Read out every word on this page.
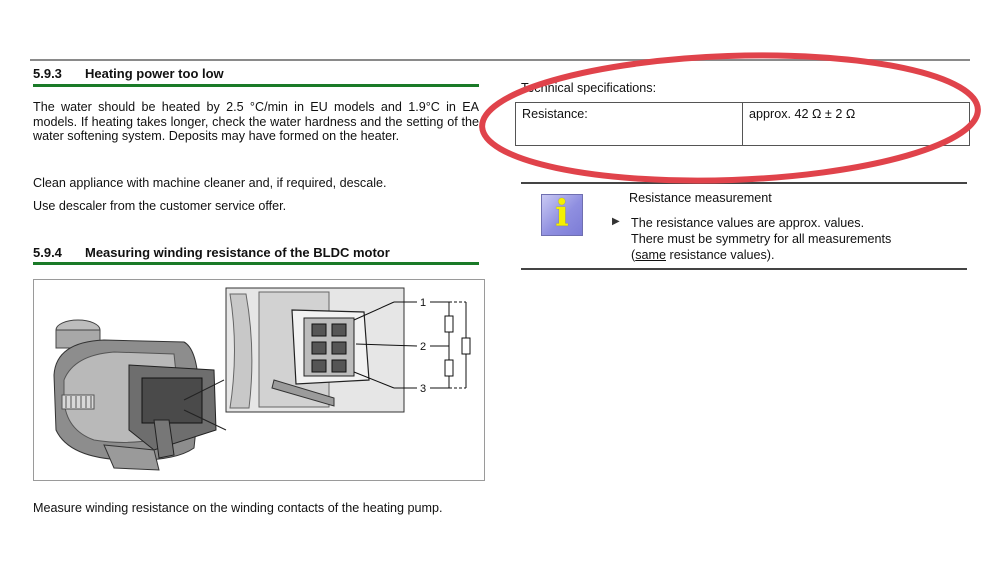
5.9.3 Heating power too low
The water should be heated by 2.5 °C/min in EU models and 1.9°C in EA models. If heating takes longer, check the water hardness and the setting of the water softening system. Deposits may have formed on the heater.
Clean appliance with machine cleaner and, if required, descale.
Use descaler from the customer service offer.
5.9.4 Measuring winding resistance of the BLDC motor
1
2
3
Measure winding resistance on the winding contacts of the heating pump.
Technical specifications:
Resistance:	approx. 42 Ω ± 2 Ω
i	Resistance measurement
▶ The resistance values are approx. values.
There must be symmetry for all measurements
(same resistance values).
